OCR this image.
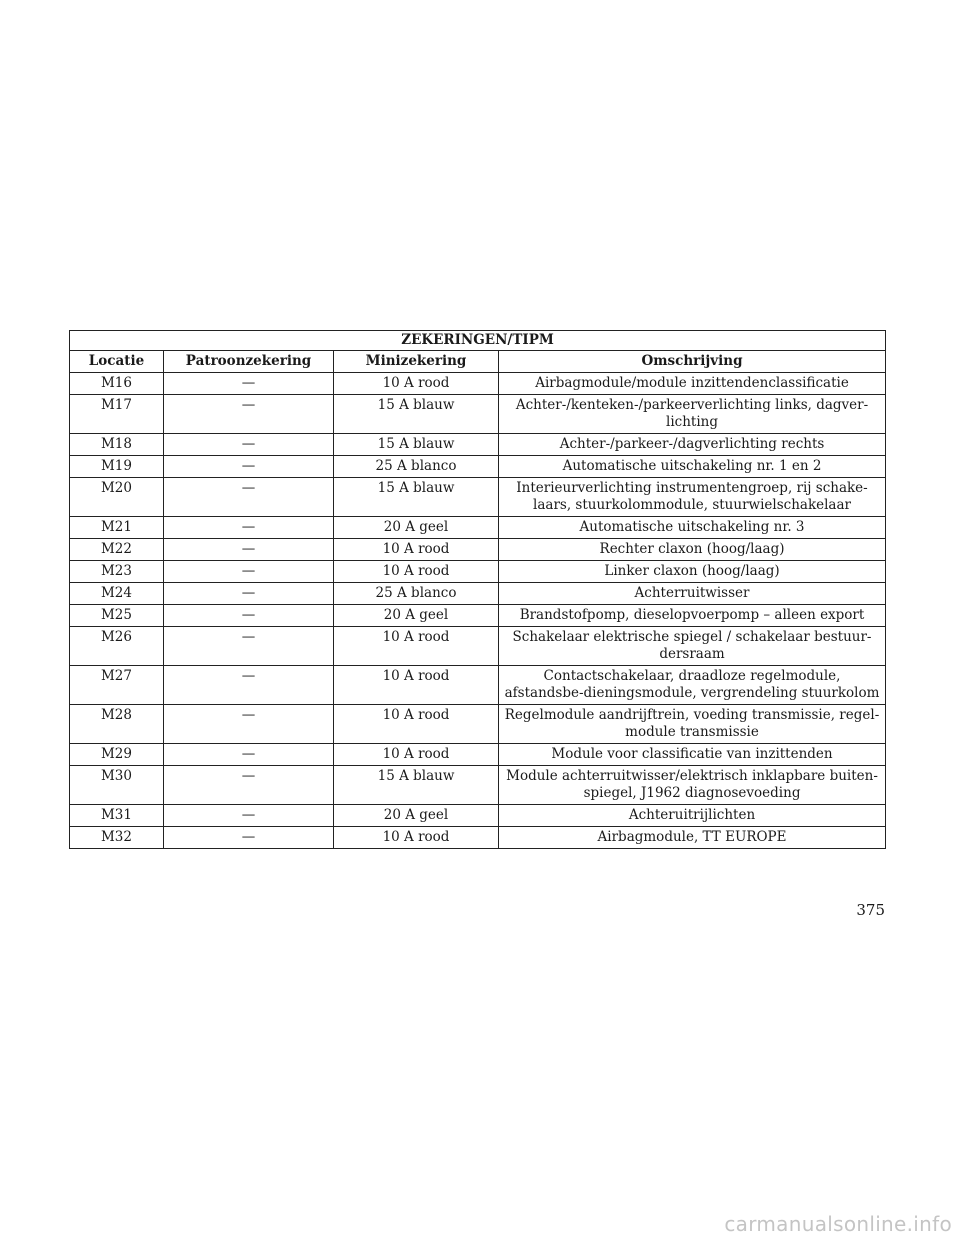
ZEKERINGEN/TIPM			
Locatie	Patroonzekering	Minizekering	Omschrijving
M16	—	10 A rood	Airbagmodule/module inzittendenclassificatie
M17	—	15 A blauw	Achter-/kenteken-/parkeerverlichting links, dagver-lichting
M18	—	15 A blauw	Achter-/parkeer-/dagverlichting rechts
M19	—	25 A blanco	Automatische uitschakeling nr. 1 en 2
M20	—	15 A blauw	Interieurverlichting instrumentengroep, rij schake-laars, stuurkolommodule, stuurwielschakelaar
M21	—	20 A geel	Automatische uitschakeling nr. 3
M22	—	10 A rood	Rechter claxon (hoog/laag)
M23	—	10 A rood	Linker claxon (hoog/laag)
M24	—	25 A blanco	Achterruitwisser
M25	—	20 A geel	Brandstofpomp, dieselopvoerpomp – alleen export
M26	—	10 A rood	Schakelaar elektrische spiegel / schakelaar bestuur-dersraam
M27	—	10 A rood	Contactschakelaar, draadloze regelmodule, afstandsbe-dieningsmodule, vergrendeling stuurkolom
M28	—	10 A rood	Regelmodule aandrijftrein, voeding transmissie, regel-module transmissie
M29	—	10 A rood	Module voor classificatie van inzittenden
M30	—	15 A blauw	Module achterruitwisser/elektrisch inklapbare buiten-spiegel, J1962 diagnosevoeding
M31	—	20 A geel	Achteruitrijlichten
M32	—	10 A rood	Airbagmodule, TT EUROPE
375
carmanualsonline.info
